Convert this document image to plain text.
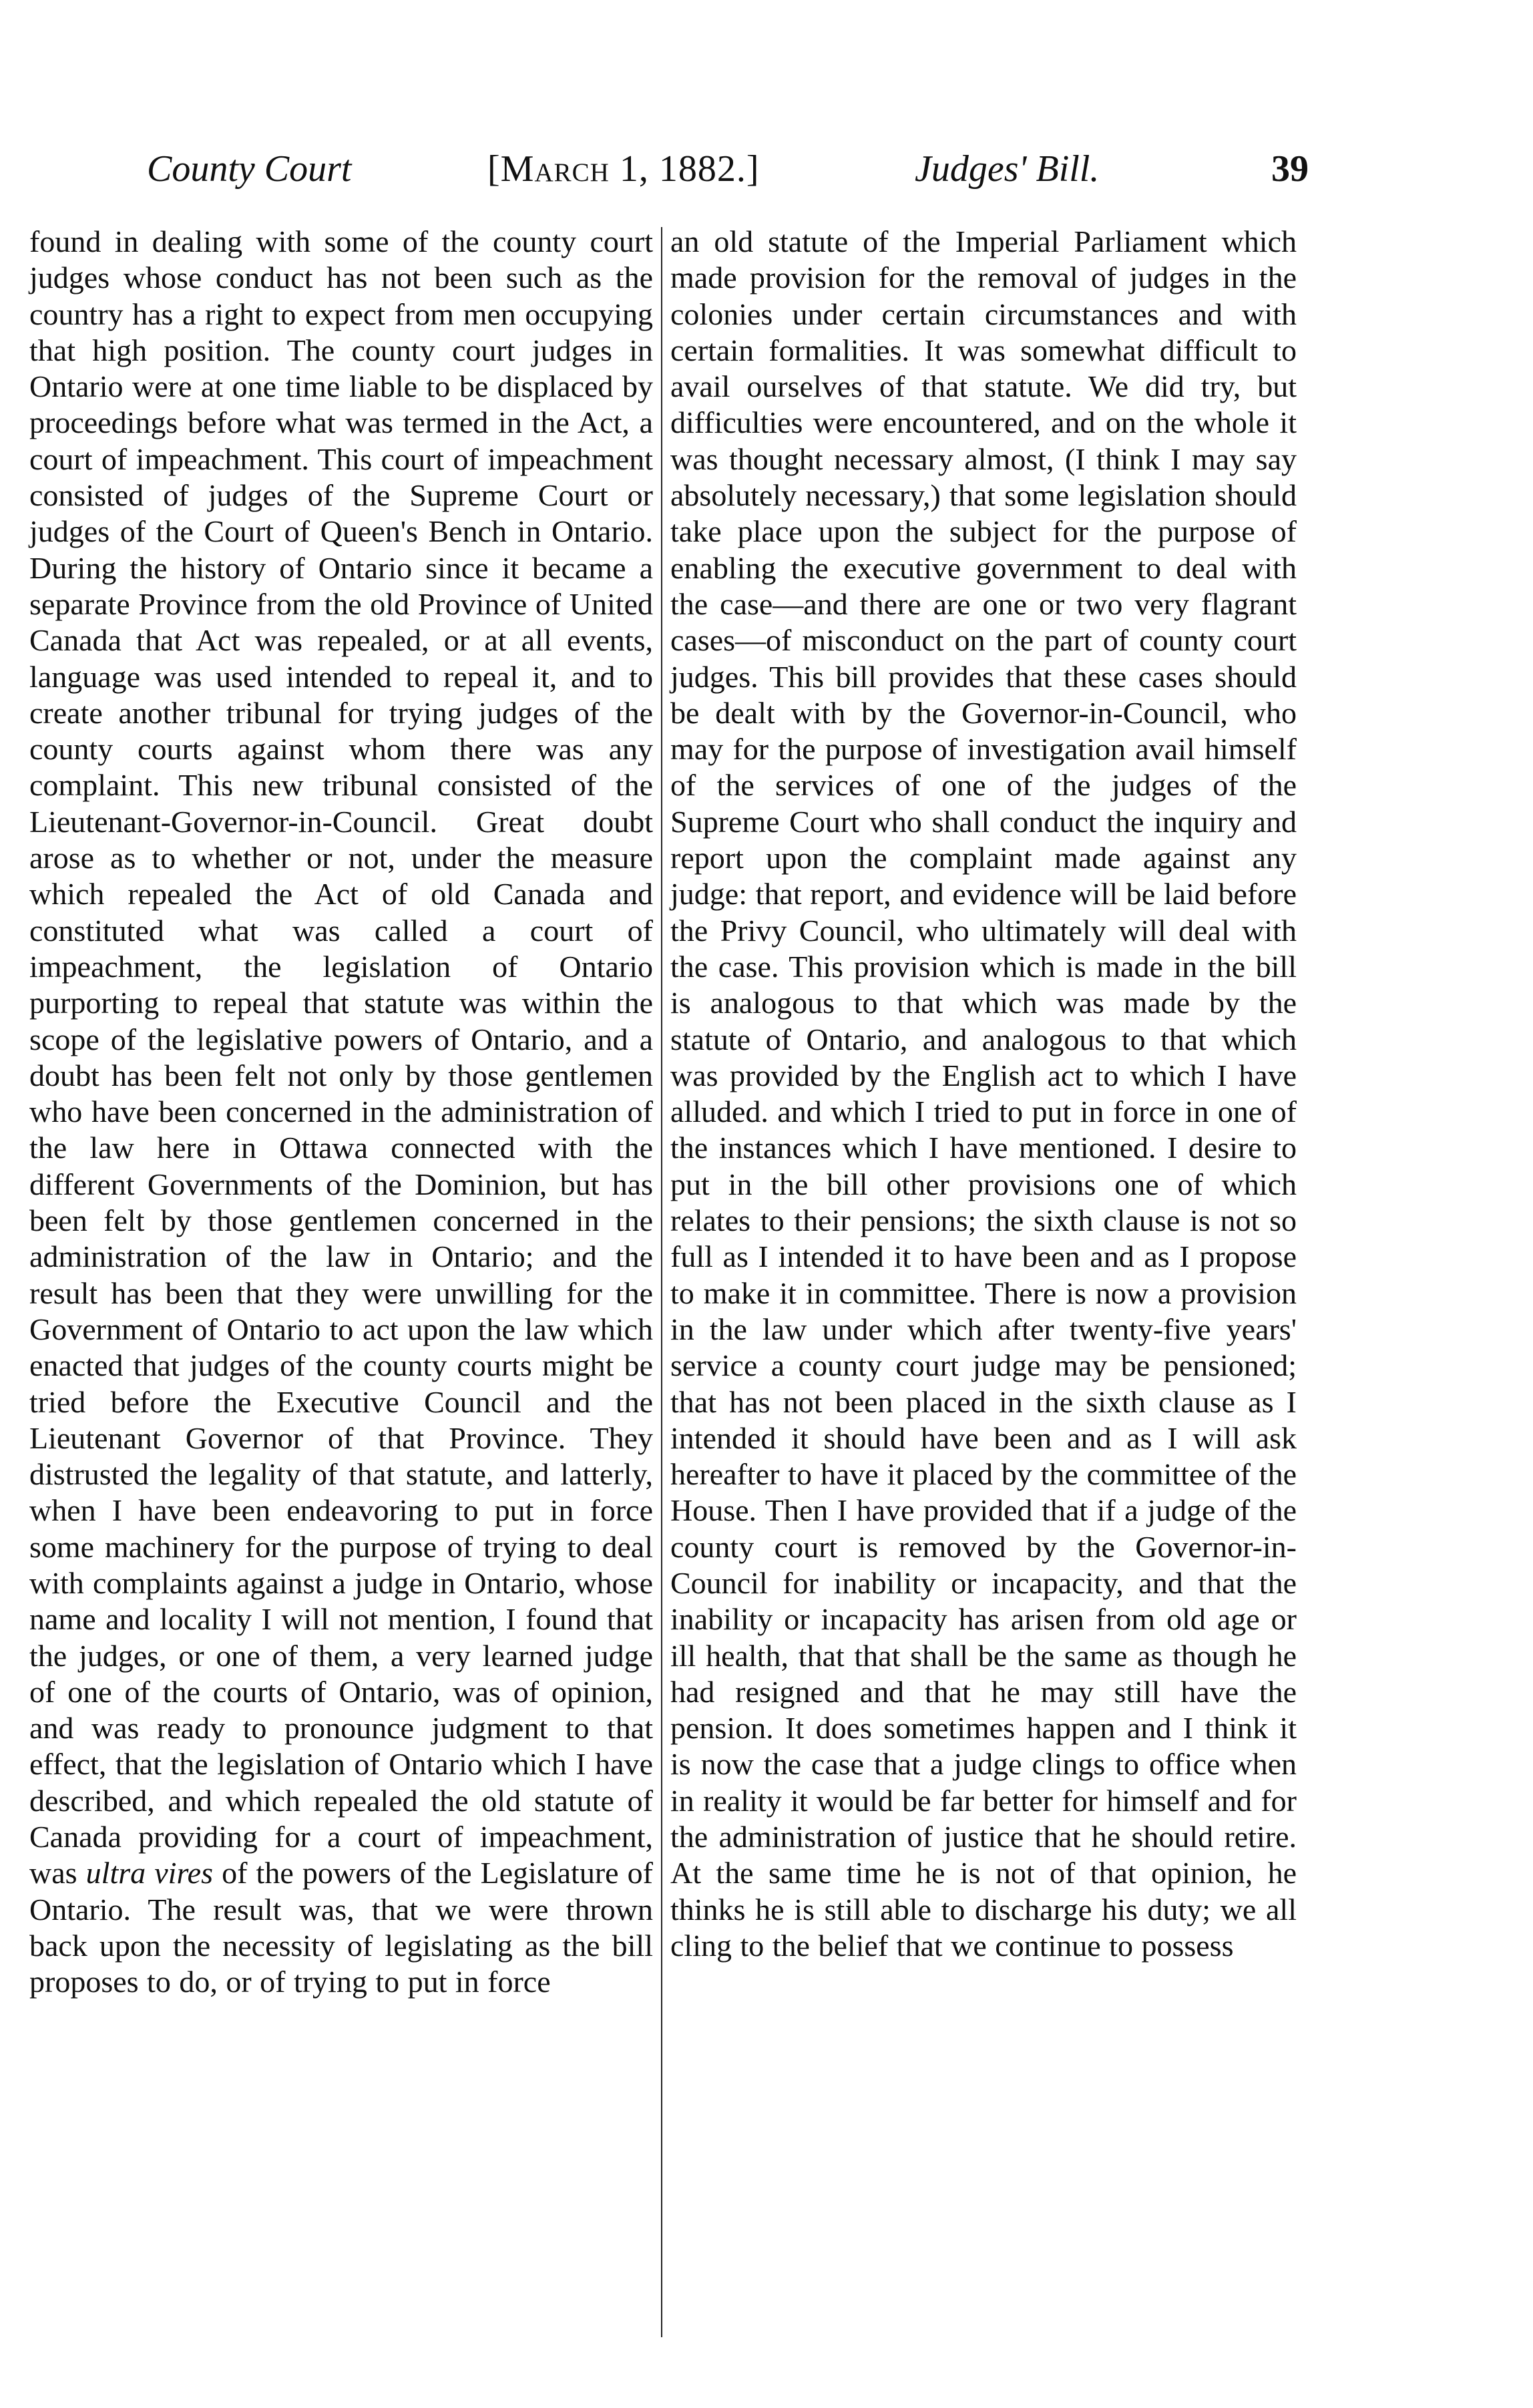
County Court	[March 1, 1882.]	Judges' Bill.	39

found in dealing with some of the county court judges whose conduct has not been such as the country has a right to expect from men occupying that high position. The county court judges in Ontario were at one time liable to be displaced by proceedings before what was termed in the Act, a court of impeachment. This court of impeachment consisted of judges of the Supreme Court or judges of the Court of Queen's Bench in Ontario. During the history of Ontario since it became a separate Province from the old Province of United Canada that Act was repealed, or at all events, language was used intended to repeal it, and to create another tribunal for trying judges of the county courts against whom there was any complaint. This new tribunal consisted of the Lieutenant-Governor-in-Council. Great doubt arose as to whether or not, under the measure which repealed the Act of old Canada and constituted what was called a court of impeachment, the legislation of Ontario purporting to repeal that statute was within the scope of the legislative powers of Ontario, and a doubt has been felt not only by those gentlemen who have been concerned in the administration of the law here in Ottawa connected with the different Governments of the Dominion, but has been felt by those gentlemen concerned in the administration of the law in Ontario; and the result has been that they were unwilling for the Government of Ontario to act upon the law which enacted that judges of the county courts might be tried before the Executive Council and the Lieutenant Governor of that Province. They distrusted the legality of that statute, and latterly, when I have been endeavoring to put in force some machinery for the purpose of trying to deal with complaints against a judge in Ontario, whose name and locality I will not mention, I found that the judges, or one of them, a very learned judge of one of the courts of Ontario, was of opinion, and was ready to pronounce judgment to that effect, that the legislation of Ontario which I have described, and which repealed the old statute of Canada providing for a court of impeachment, was ultra vires of the powers of the Legislature of Ontario. The result was, that we were thrown back upon the necessity of legislating as the bill proposes to do, or of trying to put in force

an old statute of the Imperial Parliament which made provision for the removal of judges in the colonies under certain circumstances and with certain formalities. It was somewhat difficult to avail ourselves of that statute. We did try, but difficulties were encountered, and on the whole it was thought necessary almost, (I think I may say absolutely necessary,) that some legislation should take place upon the subject for the purpose of enabling the executive government to deal with the case—and there are one or two very flagrant cases—of misconduct on the part of county court judges. This bill provides that these cases should be dealt with by the Governor-in-Council, who may for the purpose of investigation avail himself of the services of one of the judges of the Supreme Court who shall conduct the inquiry and report upon the complaint made against any judge: that report, and evidence will be laid before the Privy Council, who ultimately will deal with the case. This provision which is made in the bill is analogous to that which was made by the statute of Ontario, and analogous to that which was provided by the English act to which I have alluded. and which I tried to put in force in one of the instances which I have mentioned. I desire to put in the bill other provisions one of which relates to their pensions; the sixth clause is not so full as I intended it to have been and as I propose to make it in committee. There is now a provision in the law under which after twenty-five years' service a county court judge may be pensioned; that has not been placed in the sixth clause as I intended it should have been and as I will ask hereafter to have it placed by the committee of the House. Then I have provided that if a judge of the county court is removed by the Governor-in-Council for inability or incapacity, and that the inability or incapacity has arisen from old age or ill health, that that shall be the same as though he had resigned and that he may still have the pension. It does sometimes happen and I think it is now the case that a judge clings to office when in reality it would be far better for himself and for the administration of justice that he should retire. At the same time he is not of that opinion, he thinks he is still able to discharge his duty; we all cling to the belief that we continue to possess
